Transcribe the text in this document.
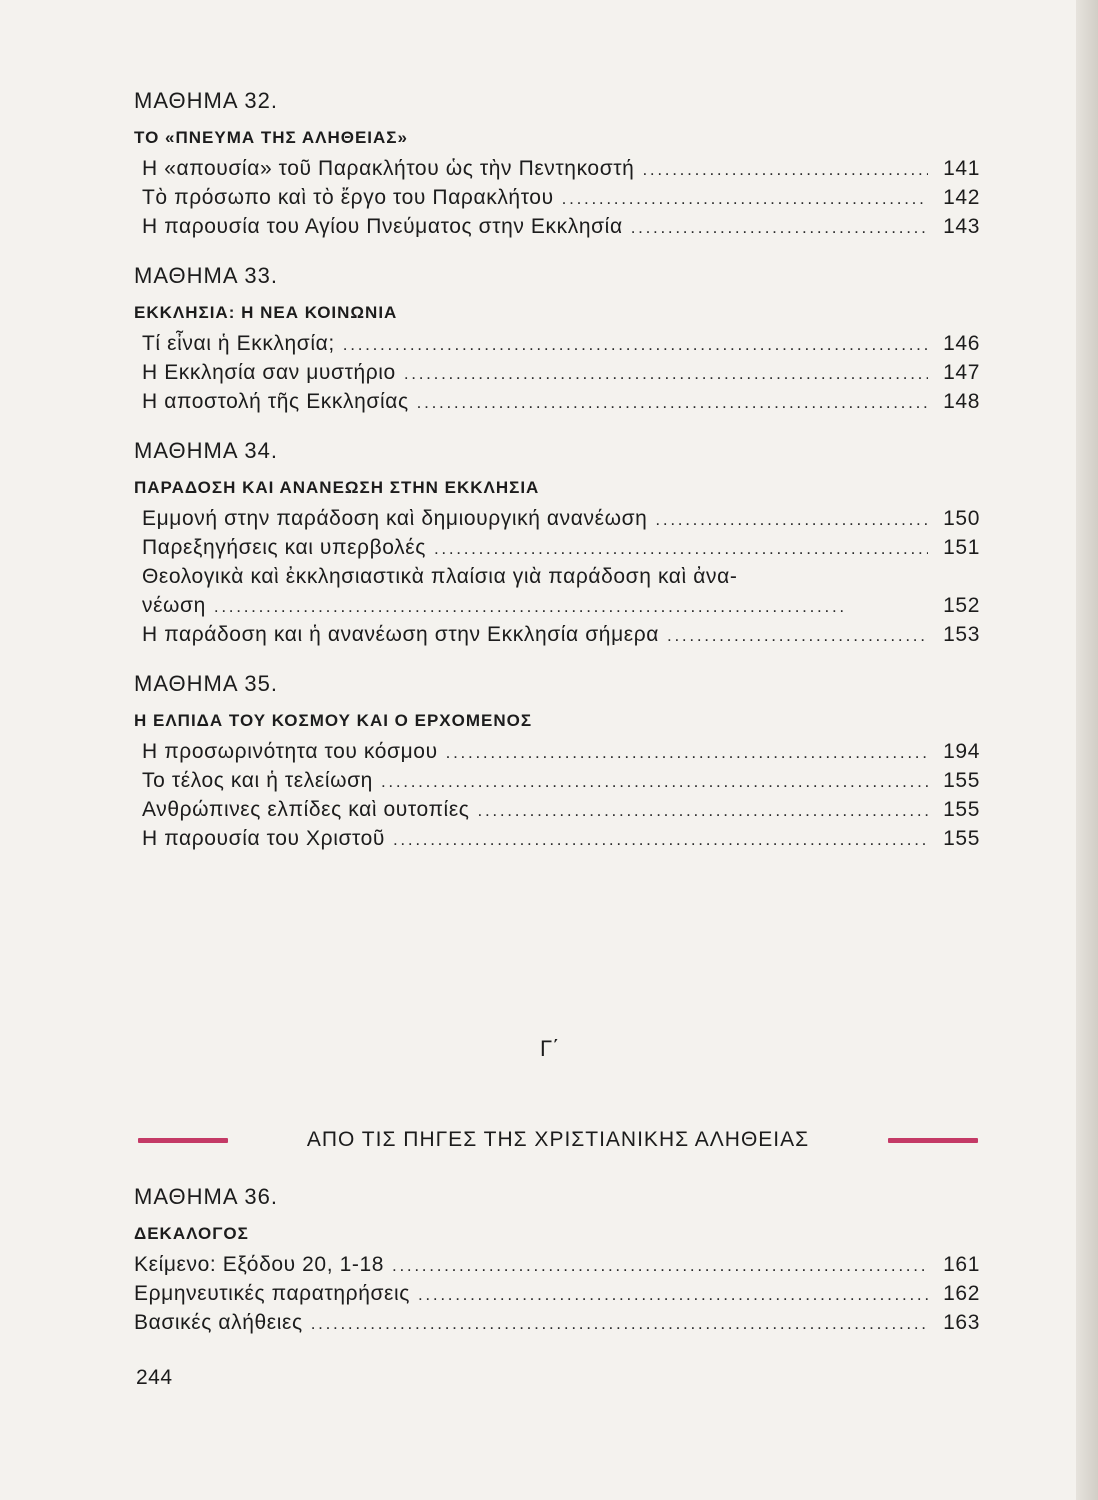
ΜΑΘΗΜΑ 32.
ΤΟ «ΠΝΕΥΜΑ ΤΗΣ ΑΛΗΘΕΙΑΣ»
Η «απουσία» τοῦ Παρακλήτου ὡς τὴν Πεντηκοστή . . .	141
Τὸ πρόσωπο καὶ τὸ ἔργο του Παρακλήτου . . .	142
Η παρουσία του Αγίου Πνεύματος στην Εκκλησία . . .	143
ΜΑΘΗΜΑ 33.
ΕΚΚΛΗΣΙΑ: Η ΝΕΑ ΚΟΙΝΩΝΙΑ
Τί εἶναι ἡ Εκκλησία; . . .	146
Η Εκκλησία σαν μυστήριο . . .	147
Η αποστολή τῆς Εκκλησίας . . .	148
ΜΑΘΗΜΑ 34.
ΠΑΡΑΔΟΣΗ ΚΑΙ ΑΝΑΝΕΩΣΗ ΣΤΗΝ ΕΚΚΛΗΣΙΑ
Εμμονή στην παράδοση καὶ δημιουργική ανανέωση . . .	150
Παρεξηγήσεις και υπερβολές . . .	151
Θεολογικὰ καὶ ἐκκλησιαστικὰ πλαίσια γιὰ παράδοση καὶ ἀνα-
νέωση . . .	152
Η παράδοση και ἡ ανανέωση στην Εκκλησία σήμερα . . .	153
ΜΑΘΗΜΑ 35.
Η ΕΛΠΙΔΑ ΤΟΥ ΚΟΣΜΟΥ ΚΑΙ Ο ΕΡΧΟΜΕΝΟΣ
Η προσωρινότητα του κόσμου . . .	194
Το τέλος και ἡ τελείωση . . .	155
Ανθρώπινες ελπίδες καὶ ουτοπίες . . .	155
Η παρουσία του Χριστοῦ . . .	155
Γ΄
ΑΠΟ ΤΙΣ ΠΗΓΕΣ ΤΗΣ ΧΡΙΣΤΙΑΝΙΚΗΣ ΑΛΗΘΕΙΑΣ
ΜΑΘΗΜΑ 36.
ΔΕΚΑΛΟΓΟΣ
Κείμενο: Εξόδου 20, 1-18 . . .	161
Ερμηνευτικές παρατηρήσεις . . .	162
Βασικές αλήθειες . . .	163
244
